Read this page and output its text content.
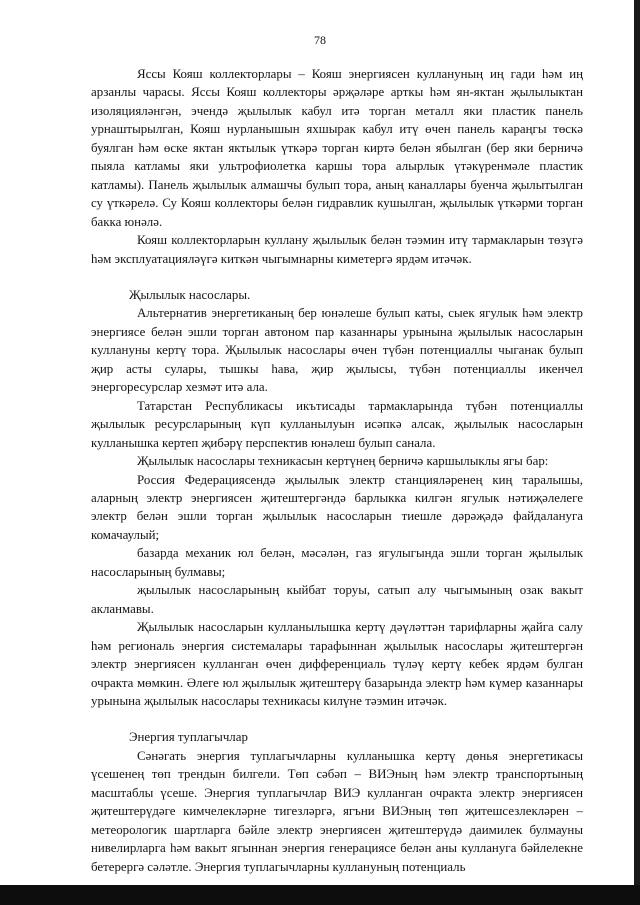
78

Яссы Кояш коллекторлары – Кояш энергиясен куллануның иң гади һәм иң арзанлы чарасы. Яссы Кояш коллекторы әрҗәләре арткы һәм ян-яктан җылылыктан изоляцияләнгән, эчендә җылылык кабул итә торган металл яки пластик панель урнаштырылган, Кояш нурланышын яхшырак кабул итү өчен панель караңгы төскә буялган һәм өске яктан яктылык үткәрә торган киртә белән ябылган (бер яки берничә пыяла катламы яки ультрофиолетка каршы тора алырлык үтәкүренмәле пластик катламы). Панель җылылык алмашчы булып тора, аның каналлары буенча җылытылган су үткәрелә. Су Кояш коллекторы белән гидравлик кушылган, җылылык үткәрми торган бакка юнәлә.

Кояш коллекторларын куллану җылылык белән тәэмин итү тармакларын төзүгә һәм эксплуатацияләүгә киткән чыгымнарны киметергә ярдәм итәчәк.

Җылылык насослары.

Альтернатив энергетиканың бер юнәлеше булып каты, сыек ягулык һәм электр энергиясе белән эшли торган автоном пар казаннары урынына җылылык насосларын куллануны кертү тора. Җылылык насослары өчен түбән потенциаллы чыганак булып җир асты сулары, тышкы һава, җир җылысы, түбән потенциаллы икенчел энергоресурслар хезмәт итә ала.

Татарстан Республикасы икътисады тармакларында түбән потенциаллы җылылык ресурсларының күп кулланылуын исәпкә алсак, җылылык насосларын кулланышка кертеп җибәрү перспектив юнәлеш булып санала.

Җылылык насослары техникасын кертүнең берничә каршылыклы ягы бар:

Россия Федерациясендә җылылык электр станцияләренең киң таралышы, аларның электр энергиясен җитештергәндә барлыкка килгән ягулык нәтиҗәлелеге электр белән эшли торган җылылык насосларын тиешле дәрәҗәдә файдалануга комачаулый;

базарда механик юл белән, мәсәлән, газ ягулыгында эшли торган җылылык насосларының булмавы;

җылылык насосларының кыйбат торуы, сатып алу чыгымының озак вакыт акланмавы.

Җылылык насосларын кулланылышка кертү дәүләттән тарифларны җайга салу һәм региональ энергия системалары тарафыннан җылылык насослары җитештергән электр энергиясен кулланган өчен дифференциаль түләү кертү кебек ярдәм булган очракта мөмкин. Әлеге юл җылылык җитештерү базарында электр һәм күмер казаннары урынына җылылык насослары техникасы килүне тәэмин итәчәк.

Энергия туплагычлар

Сәнәгать энергия туплагычларны кулланышка кертү дөнья энергетикасы үсешенең төп трендын билгели. Төп сәбәп – ВИЭның һәм электр транспортының масштаблы үсеше. Энергия туплагычлар ВИЭ кулланган очракта электр энергиясен җитештерүдәге кимчелекләрне тигезләргә, ягъни ВИЭның төп җитешсезлекләрен – метеорологик шартларга бәйле электр энергиясен җитештерүдә даимилек булмауны нивелирларга һәм вакыт ягыннан энергия генерациясе белән аны куллануга бәйлелекне бетерергә сәләтле. Энергия туплагычларны куллануның потенциаль
